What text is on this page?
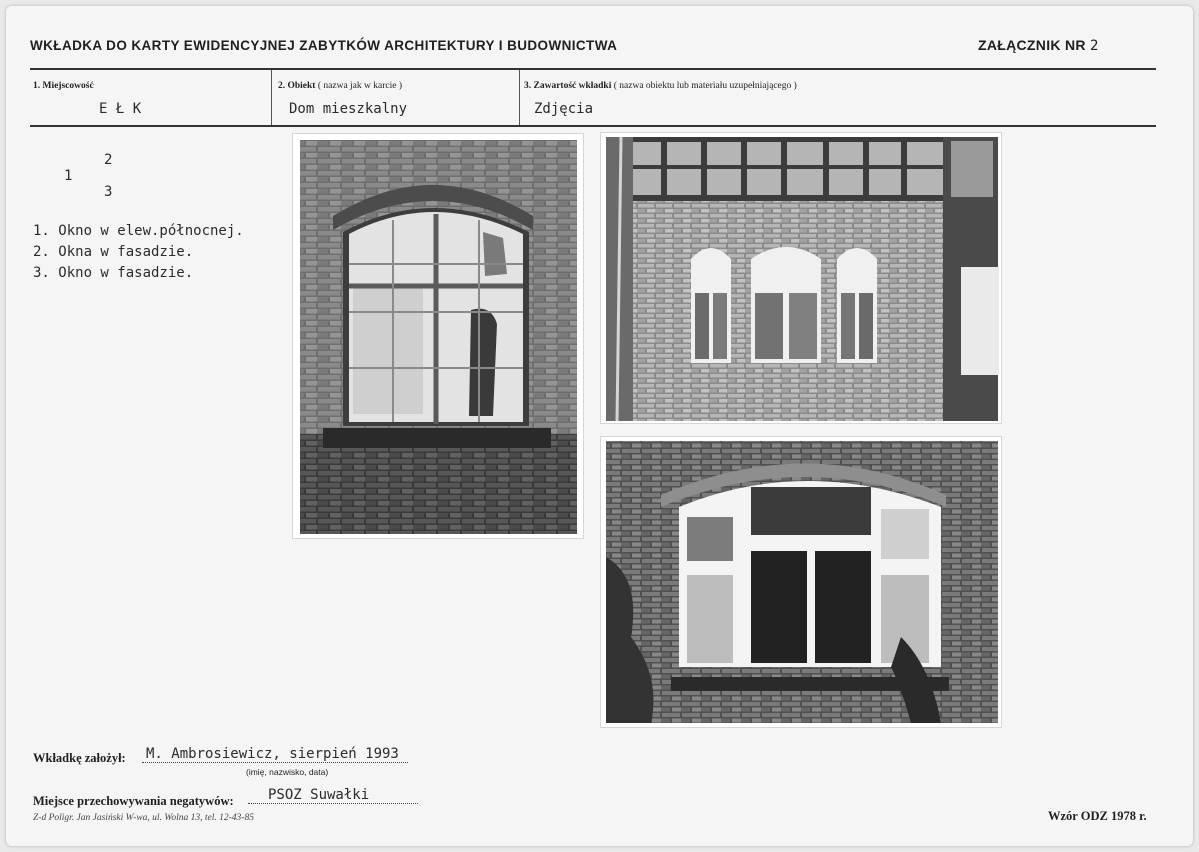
WKŁADKA DO KARTY EWIDENCYJNEJ ZABYTKÓW ARCHITEKTURY I BUDOWNICTWA	ZAŁĄCZNIK NR 2
1. Miejscowość
E Ł K
2. Obiekt ( nazwa jak w karcie )
Dom mieszkalny
3. Zawartość wkładki ( nazwa obiektu lub materiału uzupełniającego )
Zdjęcia
2
1
3
1. Okno w elew.północnej.
2. Okna w fasadzie.
3. Okno w fasadzie.
Wkładkę założył: M. Ambrosiewicz, sierpień 1993
(imię, nazwisko, data)
Miejsce przechowywania negatywów:	PSOZ Suwałki
Z-d Poligr. Jan Jasiński W-wa, ul. Wolna 13, tel. 12-43-85	Wzór ODZ 1978 r.
